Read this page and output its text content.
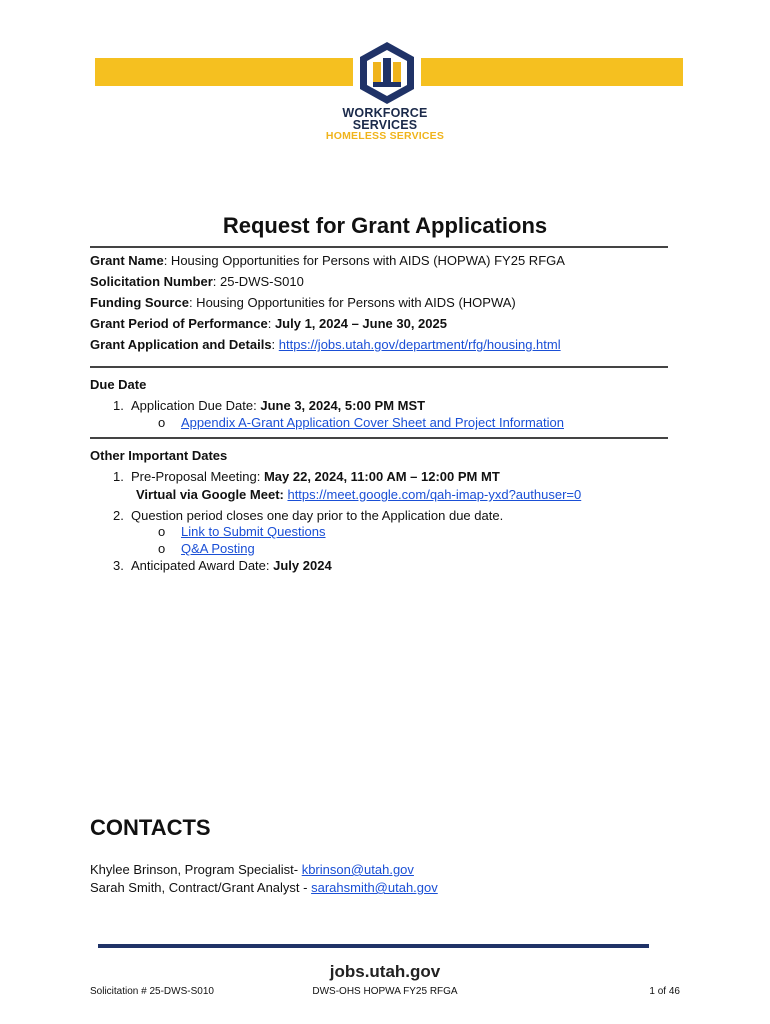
WORKFORCE
SERVICES
HOMELESS SERVICES
Request for Grant Applications
Grant Name: Housing Opportunities for Persons with AIDS (HOPWA) FY25 RFGA
Solicitation Number: 25-DWS-S010
Funding Source: Housing Opportunities for Persons with AIDS (HOPWA)
Grant Period of Performance: July 1, 2024 – June 30, 2025
Grant Application and Details: https://jobs.utah.gov/department/rfg/housing.html
Due Date
1. Application Due Date: June 3, 2024, 5:00 PM MST
o Appendix A-Grant Application Cover Sheet and Project Information
Other Important Dates
1. Pre-Proposal Meeting: May 22, 2024, 11:00 AM – 12:00 PM MT
Virtual via Google Meet: https://meet.google.com/qah-imap-yxd?authuser=0
2. Question period closes one day prior to the Application due date.
o Link to Submit Questions
o Q&A Posting
3. Anticipated Award Date: July 2024
CONTACTS
Khylee Brinson, Program Specialist- kbrinson@utah.gov
Sarah Smith, Contract/Grant Analyst - sarahsmith@utah.gov
jobs.utah.gov
Solicitation # 25-DWS-S010	DWS-OHS HOPWA FY25 RFGA	1 of 46
